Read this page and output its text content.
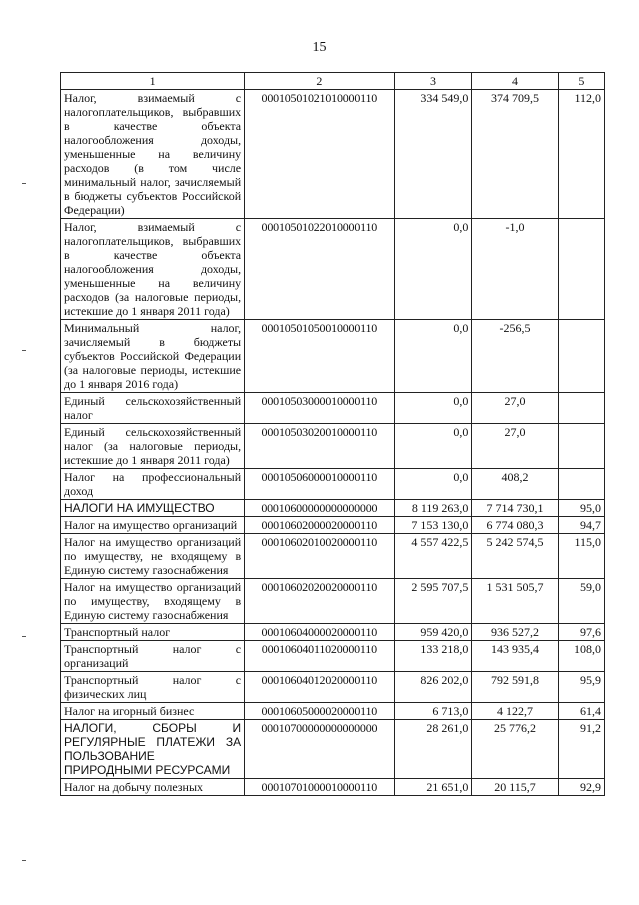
15
1	2	3	4	5
Налог, взимаемый с налогоплательщиков, выбравших в качестве объекта налогообложения доходы, уменьшенные на величину расходов (в том числе минимальный налог, зачисляемый в бюджеты субъектов Российской Федерации)	00010501021010000110	334 549,0	374 709,5	112,0
Налог, взимаемый с налогоплательщиков, выбравших в качестве объекта налогообложения доходы, уменьшенные на величину расходов (за налоговые периоды, истекшие до 1 января 2011 года)	00010501022010000110	0,0	-1,0	
Минимальный налог, зачисляемый в бюджеты субъектов Российской Федерации (за налоговые периоды, истекшие до 1 января 2016 года)	00010501050010000110	0,0	-256,5	
Единый сельскохозяйственный налог	00010503000010000110	0,0	27,0	
Единый сельскохозяйственный налог (за налоговые периоды, истекшие до 1 января 2011 года)	00010503020010000110	0,0	27,0	
Налог на профессиональный доход	00010506000010000110	0,0	408,2	
НАЛОГИ НА ИМУЩЕСТВО	00010600000000000000	8 119 263,0	7 714 730,1	95,0
Налог на имущество организаций	00010602000020000110	7 153 130,0	6 774 080,3	94,7
Налог на имущество организаций по имуществу, не входящему в Единую систему газоснабжения	00010602010020000110	4 557 422,5	5 242 574,5	115,0
Налог на имущество организаций по имуществу, входящему в Единую систему газоснабжения	00010602020020000110	2 595 707,5	1 531 505,7	59,0
Транспортный налог	00010604000020000110	959 420,0	936 527,2	97,6
Транспортный налог с организаций	00010604011020000110	133 218,0	143 935,4	108,0
Транспортный налог с физических лиц	00010604012020000110	826 202,0	792 591,8	95,9
Налог на игорный бизнес	00010605000020000110	6 713,0	4 122,7	61,4
НАЛОГИ, СБОРЫ И РЕГУЛЯРНЫЕ ПЛАТЕЖИ ЗА ПОЛЬЗОВАНИЕ ПРИРОДНЫМИ РЕСУРСАМИ	00010700000000000000	28 261,0	25 776,2	91,2
Налог на добычу полезных	00010701000010000110	21 651,0	20 115,7	92,9
